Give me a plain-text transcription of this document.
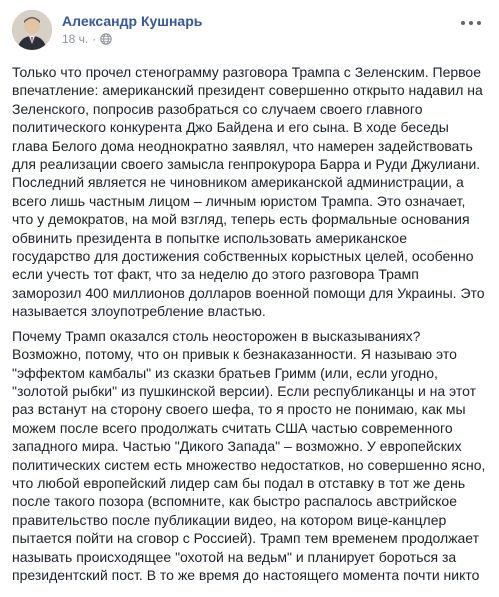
Александр Кушнарь
18 ч. ·

Только что прочел стенограмму разговора Трампа с Зеленским. Первое впечатление: американский президент совершенно открыто надавил на Зеленского, попросив разобраться со случаем своего главного политического конкурента Джо Байдена и его сына. В ходе беседы глава Белого дома неоднократно заявлял, что намерен задействовать для реализации своего замысла генпрокурора Барра и Руди Джулиани. Последний является не чиновником американской администрации, а всего лишь частным лицом – личным юристом Трампа. Это означает, что у демократов, на мой взгляд, теперь есть формальные основания обвинить президента в попытке использовать американское государство для достижения собственных корыстных целей, особенно если учесть тот факт, что за неделю до этого разговора Трамп заморозил 400 миллионов долларов военной помощи для Украины. Это называется злоупотребление властью.

Почему Трамп оказался столь неосторожен в высказываниях? Возможно, потому, что он привык к безнаказанности. Я называю это "эффектом камбалы" из сказки братьев Гримм (или, если угодно, "золотой рыбки" из пушкинской версии). Если республиканцы и на этот раз встанут на сторону своего шефа, то я просто не понимаю, как мы можем после всего продолжать считать США частью современного западного мира. Частью "Дикого Запада" – возможно. У европейских политических систем есть множество недостатков, но совершенно ясно, что любой европейский лидер сам бы подал в отставку в тот же день после такого позора (вспомните, как быстро распалось австрийское правительство после публикации видео, на котором вице-канцлер пытается пойти на сговор с Россией). Трамп тем временем продолжает называть происходящее "охотой на ведьм" и планирует бороться за президентский пост. В то же время до настоящего момента почти никто
